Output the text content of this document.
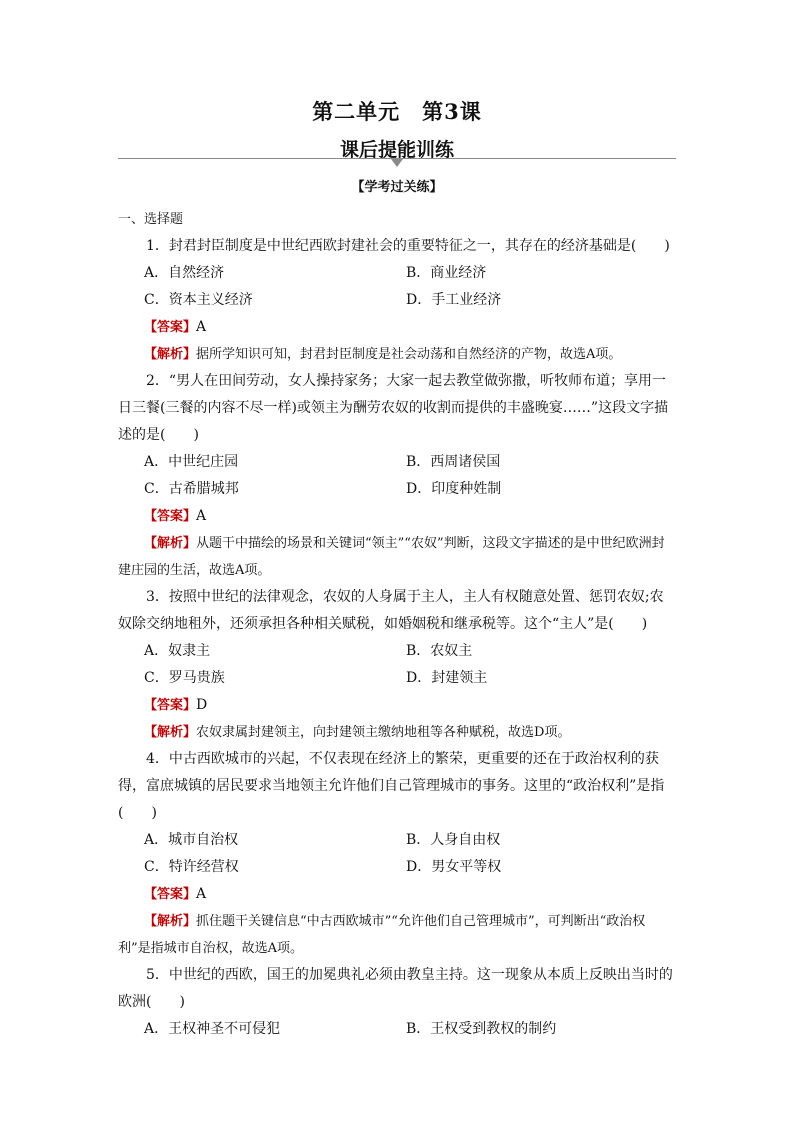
第二单元　第3课
课后提能训练
【学考过关练】

一、选择题

1．封君封臣制度是中世纪西欧封建社会的重要特征之一，其存在的经济基础是(　　)

A．自然经济	B．商业经济
C．资本主义经济	D．手工业经济

【答案】A

【解析】据所学知识可知，封君封臣制度是社会动荡和自然经济的产物，故选A项。

2．“男人在田间劳动，女人操持家务；大家一起去教堂做弥撒，听牧师布道；享用一日三餐(三餐的内容不尽一样)或领主为酬劳农奴的收割而提供的丰盛晚宴……”这段文字描述的是(　　)

A．中世纪庄园	B．西周诸侯国
C．古希腊城邦	D．印度种姓制

【答案】A

【解析】从题干中描绘的场景和关键词“领主”“农奴”判断，这段文字描述的是中世纪欧洲封建庄园的生活，故选A项。

3．按照中世纪的法律观念，农奴的人身属于主人，主人有权随意处置、惩罚农奴;农奴除交纳地租外，还须承担各种相关赋税，如婚姻税和继承税等。这个“主人”是(　　)

A．奴隶主	B．农奴主
C．罗马贵族	D．封建领主

【答案】D

【解析】农奴隶属封建领主，向封建领主缴纳地租等各种赋税，故选D项。

4．中古西欧城市的兴起，不仅表现在经济上的繁荣，更重要的还在于政治权利的获得，富庶城镇的居民要求当地领主允许他们自己管理城市的事务。这里的“政治权利”是指(　　)

A．城市自治权	B．人身自由权
C．特许经营权	D．男女平等权

【答案】A

【解析】抓住题干关键信息“中古西欧城市”“允许他们自己管理城市”，可判断出“政治权利”是指城市自治权，故选A项。

5．中世纪的西欧，国王的加冕典礼必须由教皇主持。这一现象从本质上反映出当时的欧洲(　　)

A．王权神圣不可侵犯	B．王权受到教权的制约
